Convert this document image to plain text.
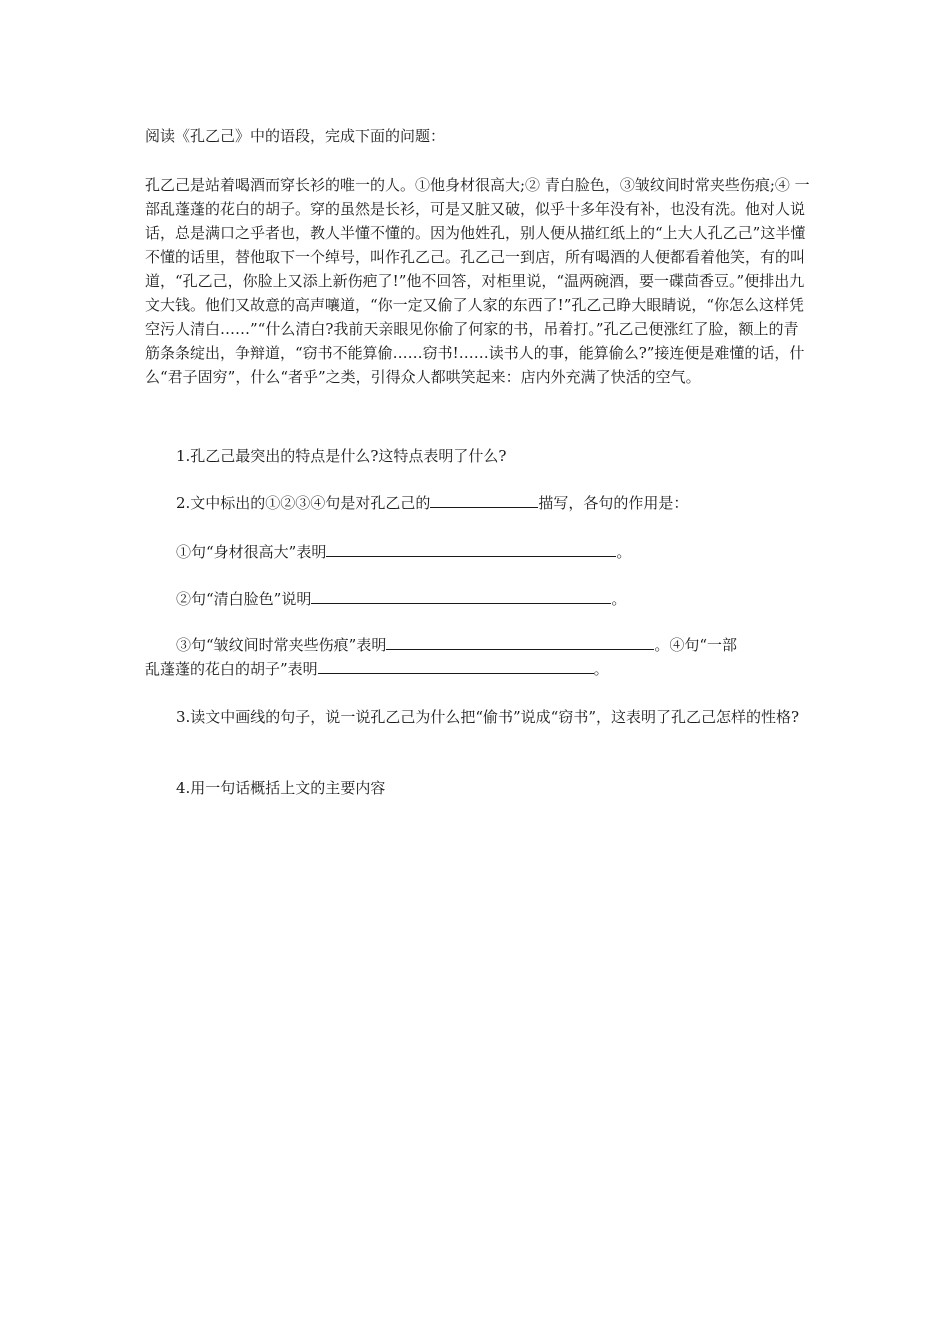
阅读《孔乙己》中的语段，完成下面的问题：

孔乙己是站着喝酒而穿长衫的唯一的人。①他身材很高大;② 青白脸色，③皱纹间时常夹些伤痕;④ 一部乱蓬蓬的花白的胡子。穿的虽然是长衫，可是又脏又破，似乎十多年没有补，也没有洗。他对人说话，总是满口之乎者也，教人半懂不懂的。因为他姓孔，别人便从描红纸上的“上大人孔乙己”这半懂不懂的话里，替他取下一个绰号，叫作孔乙己。孔乙己一到店，所有喝酒的人便都看着他笑，有的叫道，“孔乙己，你脸上又添上新伤疤了!”他不回答，对柜里说，“温两碗酒，要一碟茴香豆。”便排出九文大钱。他们又故意的高声嚷道，“你一定又偷了人家的东西了!”孔乙己睁大眼睛说，“你怎么这样凭空污人清白……”“什么清白?我前天亲眼见你偷了何家的书，吊着打。”孔乙己便涨红了脸，额上的青筋条条绽出，争辩道，“窃书不能算偷……窃书!……读书人的事，能算偷么?”接连便是难懂的话，什么“君子固穷”，什么“者乎”之类，引得众人都哄笑起来：店内外充满了快活的空气。

1.孔乙己最突出的特点是什么?这特点表明了什么?

2.文中标出的①②③④句是对孔乙己的	描写，各句的作用是：

①句“身材很高大”表明	。

②句“清白脸色”说明	。

③句“皱纹间时常夹些伤痕”表明	。④句“一部

乱蓬蓬的花白的胡子”表明	。

3.读文中画线的句子，说一说孔乙己为什么把“偷书”说成“窃书”，这表明了孔乙己怎样的性格?

4.用一句话概括上文的主要内容
